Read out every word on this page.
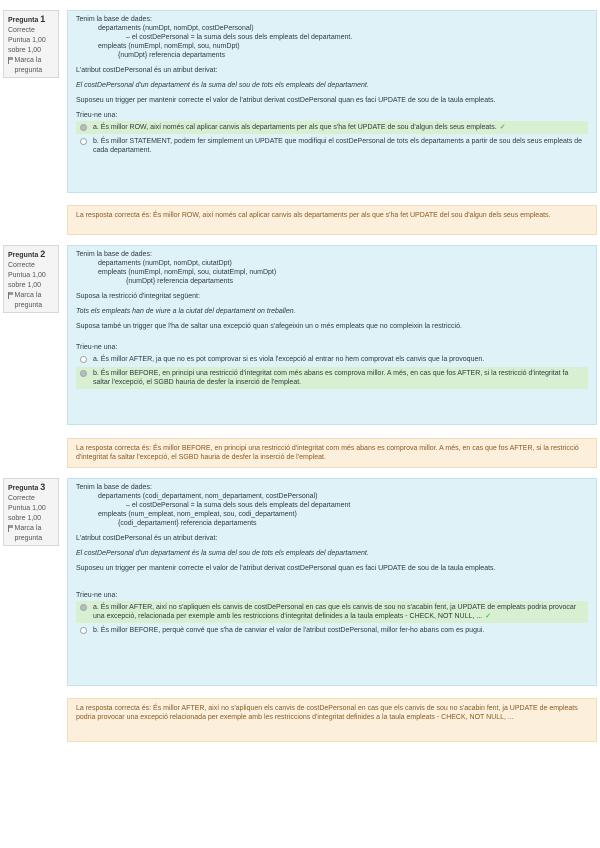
Pregunta 1
Correcte
Puntua 1,00 sobre 1,00
Marca la pregunta
Tenim la base de dades:
departaments (numDpt, nomDpt, costDePersonal)
– el costDePersonal = la suma dels sous dels empleats del departament.
empleats (numEmpl, nomEmpl, sou, numDpt)
{numDpt} referencia departaments
L'atribut costDePersonal és un atribut derivat:
El costDePersonal d'un departament és la suma del sou de tots els empleats del departament.
Suposeu un trigger per mantenir correcte el valor de l'atribut derivat costDePersonal quan es faci UPDATE de sou de la taula empleats.
Trieu-ne una:
a. És millor ROW, així només cal aplicar canvis als departaments per als que s'ha fet UPDATE de sou d'algun dels seus empleats. ✓
b. És millor STATEMENT, podem fer simplement un UPDATE que modifiqui el costDePersonal de tots els departaments a partir de sou dels seus empleats de cada departament.
La resposta correcta és: És millor ROW, així només cal aplicar canvis als departaments per als que s'ha fet UPDATE del sou d'algun dels seus empleats.
Pregunta 2
Correcte
Puntua 1,00 sobre 1,00
Marca la pregunta
Tenim la base de dades:
departaments (numDpt, nomDpt, ciutatDpt)
empleats (numEmpl, nomEmpl, sou, ciutatEmpl, numDpt)
{numDpt} referencia departaments
Suposa la restricció d'integritat següent:
Tots els empleats han de viure a la ciutat del departament on treballen.
Suposa també un trigger que l'ha de saltar una excepció quan s'afegeixin un o més empleats que no compleixin la restricció.
Trieu-ne una:
a. És millor AFTER, ja que no es pot comprovar si es viola l'excepció al entrar no hem comprovat els canvis que la provoquen.
b. És millor BEFORE, en principi una restricció d'integritat com més abans es comprova millor. A més, en cas que fos AFTER, si la restricció d'integritat fa saltar l'excepció, el SGBD hauria de desfer la inserció de l'empleat.
La resposta correcta és: És millor BEFORE, en principi una restricció d'integritat com més abans es comprova millor. A més, en cas que fos AFTER, si la restricció d'integritat fa saltar l'excepció, el SGBD hauria de desfer la inserció de l'empleat.
Pregunta 3
Correcte
Puntua 1,00 sobre 1,00
Marca la pregunta
Tenim la base de dades:
departaments (codi_departament, nom_departament, costDePersonal)
– el costDePersonal = la suma dels sous dels empleats del departament
empleats (num_empleat, nom_empleat, sou, codi_departament)
{codi_departament} referencia departaments
L'atribut costDePersonal és un atribut derivat:
El costDePersonal d'un departament és la suma del sou de tots els empleats del departament.
Suposeu un trigger per mantenir correcte el valor de l'atribut derivat costDePersonal quan es faci UPDATE de sou de la taula empleats.
Trieu-ne una:
a. És millor AFTER, així no s'apliquen els canvis de costDePersonal en cas que els canvis de sou no s'acabin fent, ja UPDATE de empleats podria provocar una excepció, relacionada per exemple amb les restriccions d'integritat definides a la taula empleats - CHECK, NOT NULL, ... ✓
b. És millor BEFORE, perquè convé que s'ha de canviar el valor de l'atribut costDePersonal, millor fer-ho abans com es pugui.
La resposta correcta és: És millor AFTER, així no s'apliquen els canvis de costDePersonal en cas que els canvis de sou no s'acabin fent, ja UPDATE de empleats podria provocar una excepció relacionada per exemple amb les restriccions d'integritat definides a la taula empleats - CHECK, NOT NULL, ...
